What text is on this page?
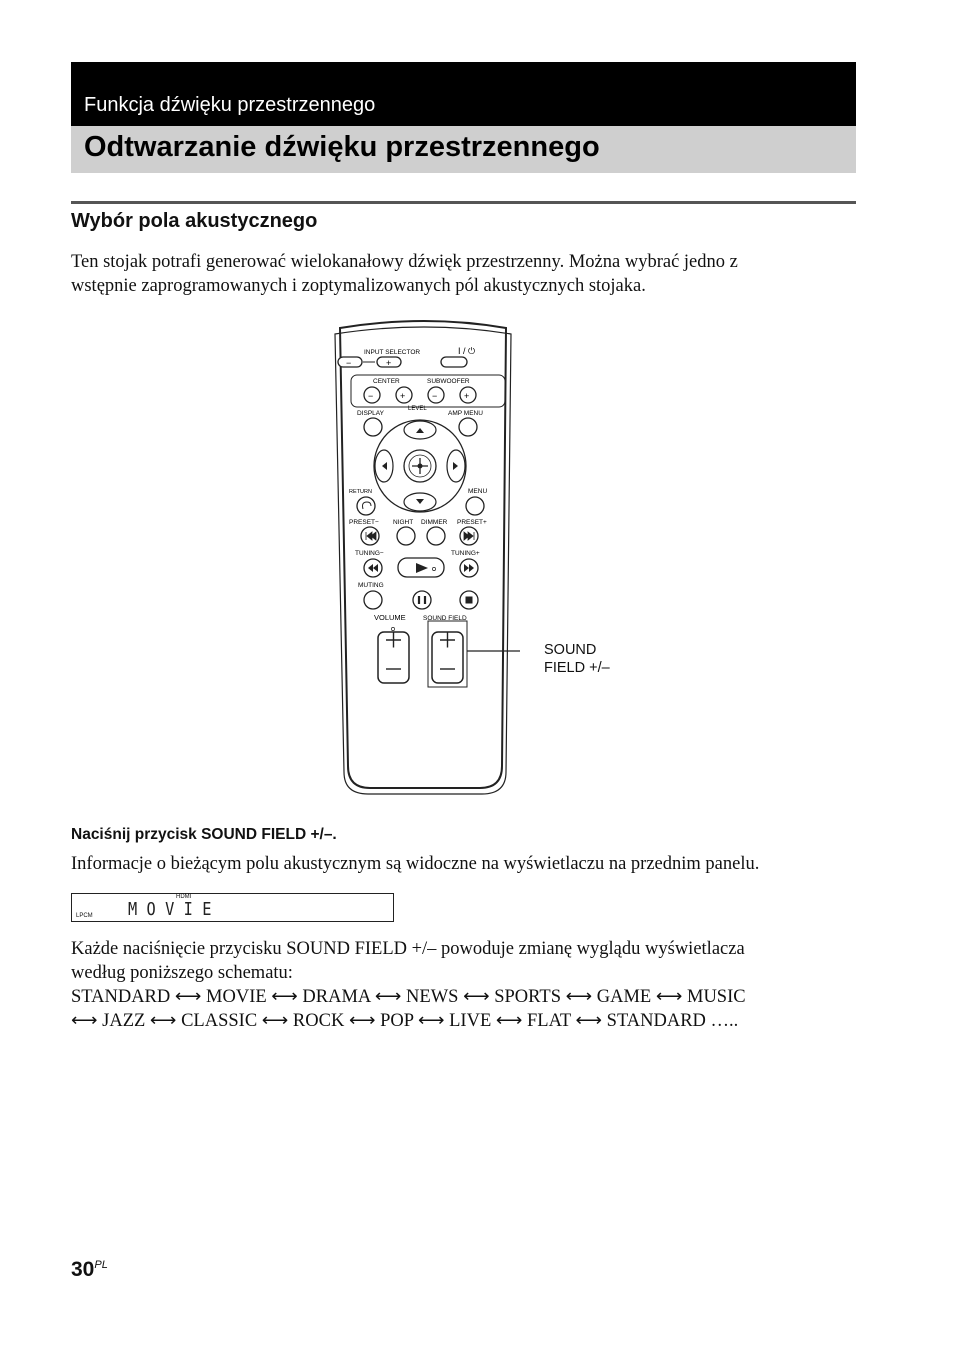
Funkcja dźwięku przestrzennego
Odtwarzanie dźwięku przestrzennego
Wybór pola akustycznego
Ten stojak potrafi generować wielokanałowy dźwięk przestrzenny. Można wybrać jedno z
wstępnie zaprogramowanych i zoptymalizowanych pól akustycznych stojaka.
INPUT SELECTOR	I / ⏻
−	+
CENTER	SUBWOOFER
−	+	−	+
LEVEL
DISPLAY	AMP MENU
RETURN	MENU
PRESET− NIGHT DIMMER PRESET+
TUNING−	TUNING+
MUTING
VOLUME	SOUND FIELD
SOUND
FIELD +/–
Naciśnij przycisk SOUND FIELD +/–.
Informacje o bieżącym polu akustycznym są widoczne na wyświetlaczu na przednim panelu.
HDMI
LPCM MOVIE
Każde naciśnięcie przycisku SOUND FIELD +/– powoduje zmianę wyglądu wyświetlacza
według poniższego schematu:
STANDARD ⟷ MOVIE ⟷ DRAMA ⟷ NEWS ⟷ SPORTS ⟷ GAME ⟷ MUSIC
⟷ JAZZ ⟷ CLASSIC ⟷ ROCK ⟷ POP ⟷ LIVE ⟷ FLAT ⟷ STANDARD …..
$30^{PL}$
